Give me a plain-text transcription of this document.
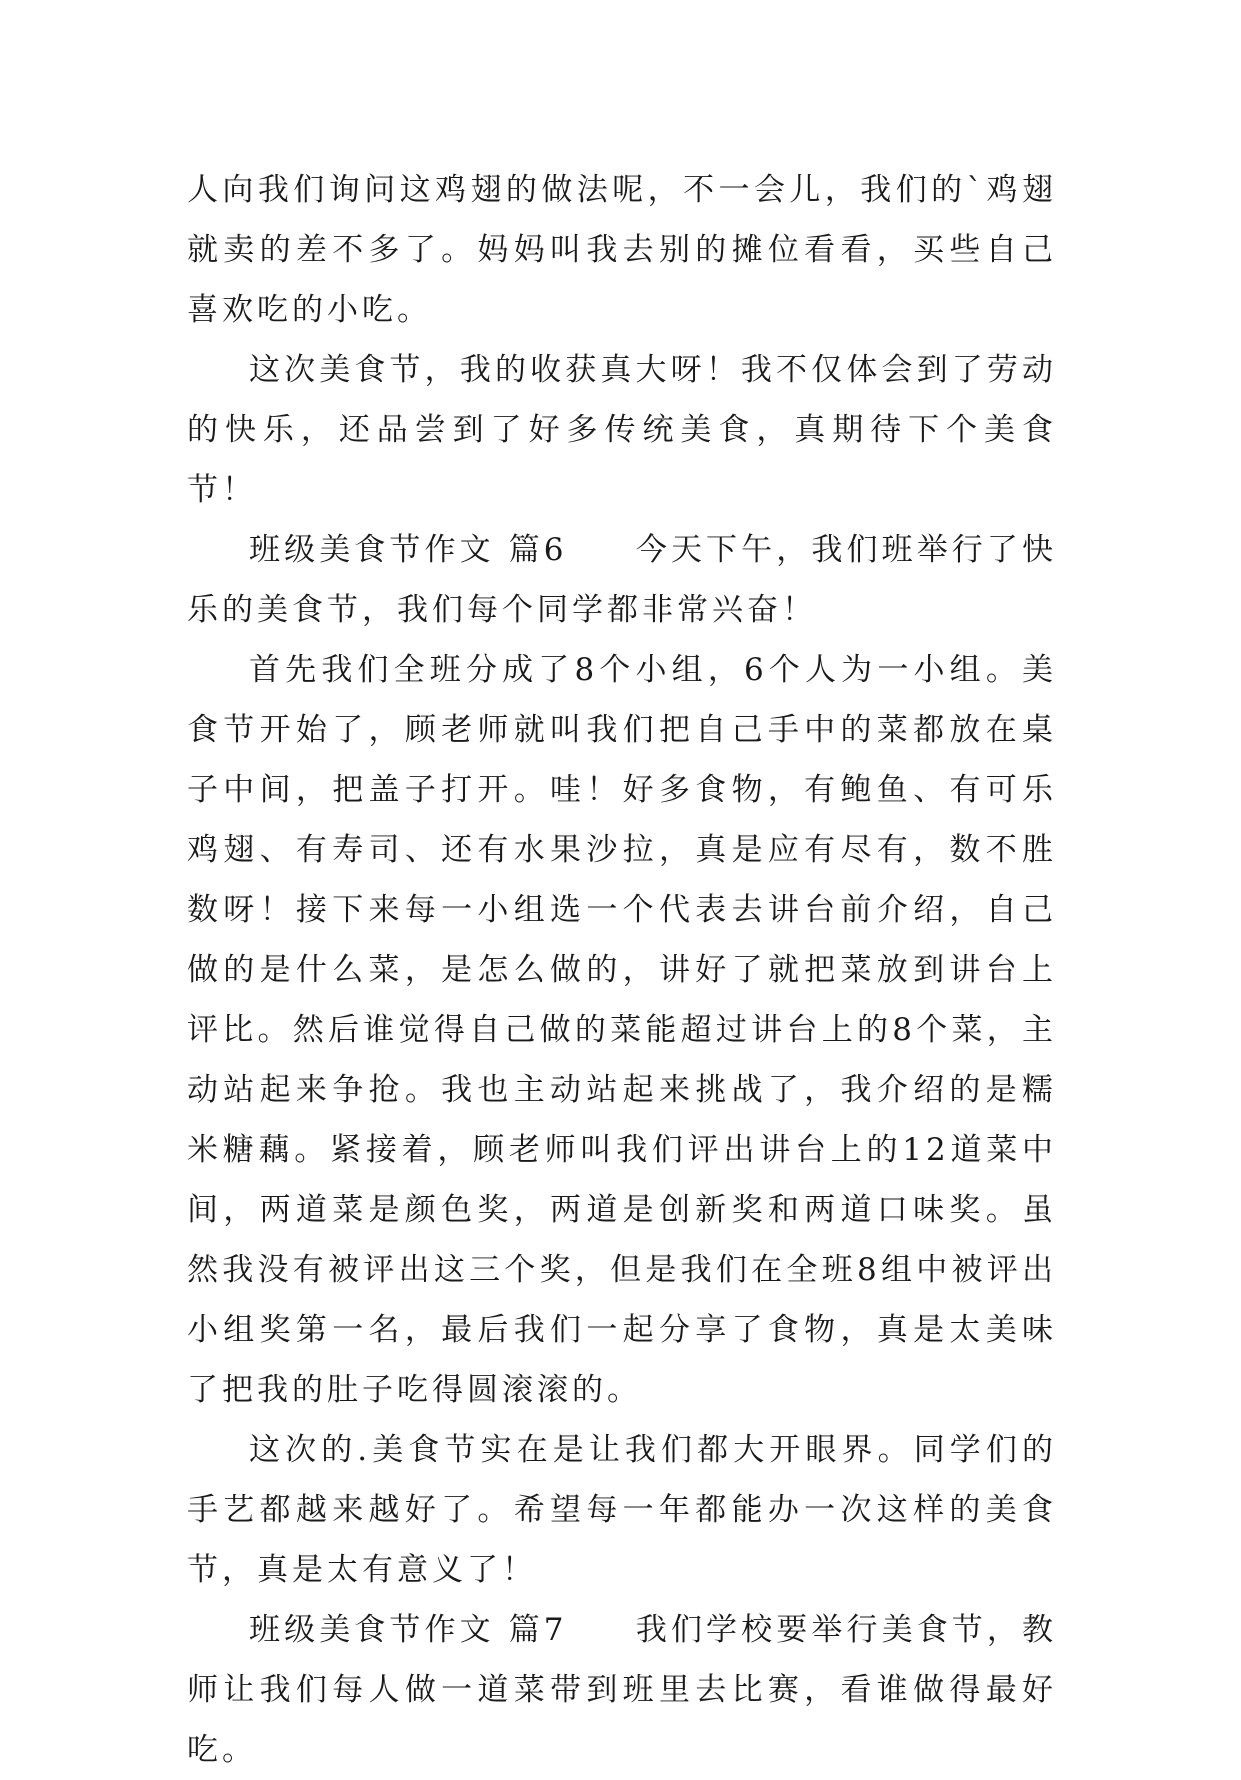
人向我们询问这鸡翅的做法呢，不一会儿，我们的`鸡翅就卖的差不多了。妈妈叫我去别的摊位看看，买些自己喜欢吃的小吃。

这次美食节，我的收获真大呀！我不仅体会到了劳动的快乐，还品尝到了好多传统美食，真期待下个美食节！

班级美食节作文 篇6 今天下午，我们班举行了快乐的美食节，我们每个同学都非常兴奋！

首先我们全班分成了8个小组，6个人为一小组。美食节开始了，顾老师就叫我们把自己手中的菜都放在桌子中间，把盖子打开。哇！好多食物，有鲍鱼、有可乐鸡翅、有寿司、还有水果沙拉，真是应有尽有，数不胜数呀！接下来每一小组选一个代表去讲台前介绍，自己做的是什么菜，是怎么做的，讲好了就把菜放到讲台上评比。然后谁觉得自己做的菜能超过讲台上的8个菜，主动站起来争抢。我也主动站起来挑战了，我介绍的是糯米糖藕。紧接着，顾老师叫我们评出讲台上的12道菜中间，两道菜是颜色奖，两道是创新奖和两道口味奖。虽然我没有被评出这三个奖，但是我们在全班8组中被评出小组奖第一名，最后我们一起分享了食物，真是太美味了把我的肚子吃得圆滚滚的。

这次的.美食节实在是让我们都大开眼界。同学们的手艺都越来越好了。希望每一年都能办一次这样的美食节，真是太有意义了！

班级美食节作文 篇7 我们学校要举行美食节，教师让我们每人做一道菜带到班里去比赛，看谁做得最好吃。
